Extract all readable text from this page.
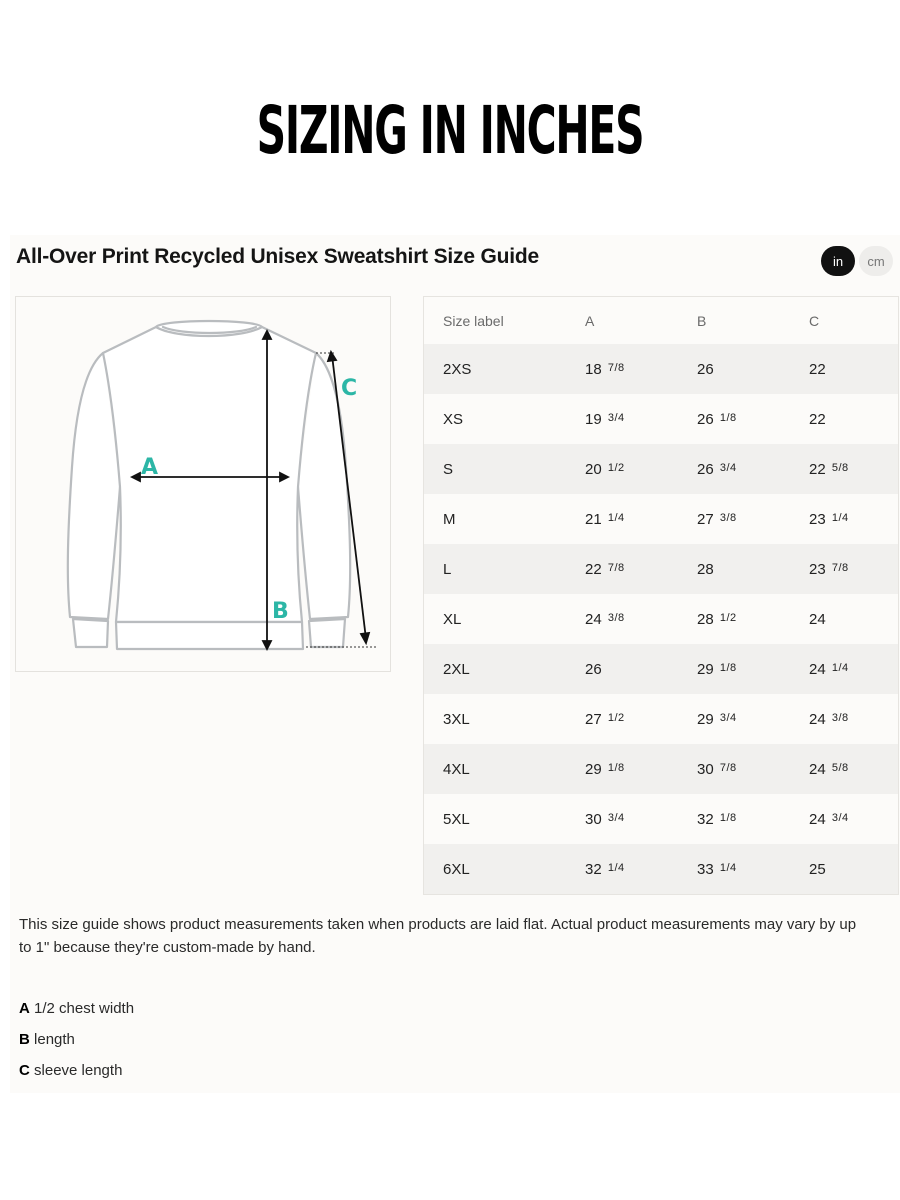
SIZING IN INCHES
All-Over Print Recycled Unisex Sweatshirt Size Guide	in	cm
A
B
C
Size label	A	B	C
2XS	18 $^{7/8}$	26	22
XS	19 $^{3/4}$	26 $^{1/8}$	22
S	20 $^{1/2}$	26 $^{3/4}$	22 $^{5/8}$
M	21 $^{1/4}$	27 $^{3/8}$	23 $^{1/4}$
L	22 $^{7/8}$	28	23 $^{7/8}$
XL	24 $^{3/8}$	28 $^{1/2}$	24
2XL	26	29 $^{1/8}$	24 $^{1/4}$
3XL	27 $^{1/2}$	29 $^{3/4}$	24 $^{3/8}$
4XL	29 $^{1/8}$	30 $^{7/8}$	24 $^{5/8}$
5XL	30 $^{3/4}$	32 $^{1/8}$	24 $^{3/4}$
6XL	32 $^{1/4}$	33 $^{1/4}$	25
This size guide shows product measurements taken when products are laid flat. Actual product measurements may vary by up
to 1" because they're custom-made by hand.
A 1/2 chest width
B length
C sleeve length
